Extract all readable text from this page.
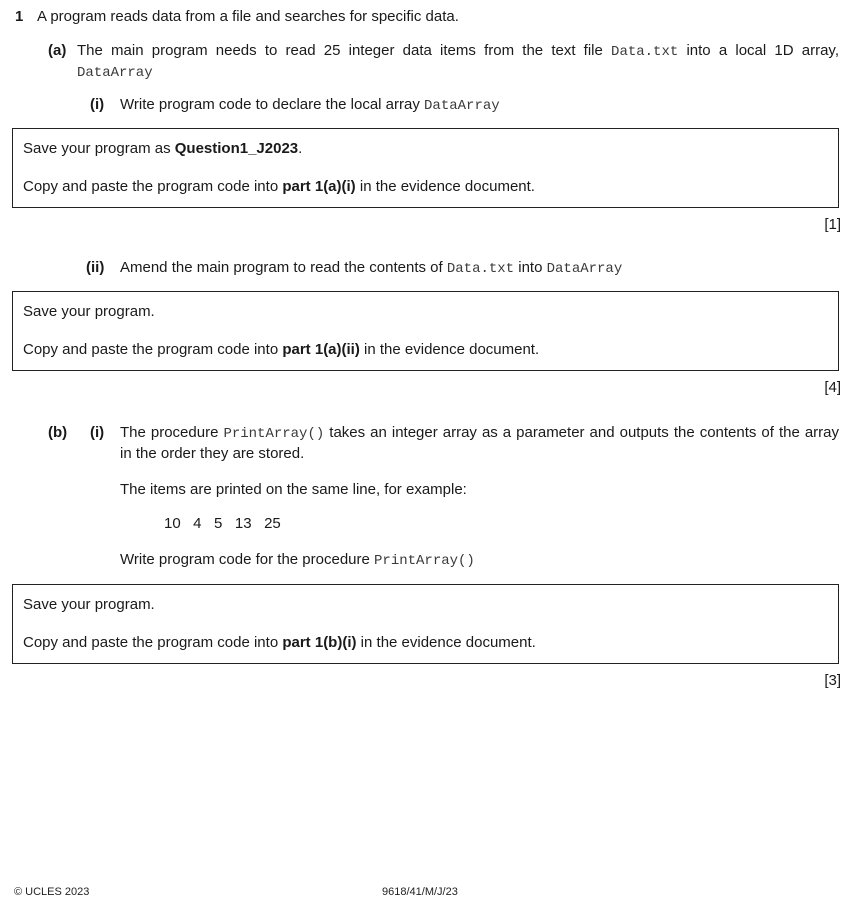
1 A program reads data from a file and searches for specific data.
(a) The main program needs to read 25 integer data items from the text file Data.txt into a local 1D array, DataArray
(i) Write program code to declare the local array DataArray

Save your program as Question1_J2023.

Copy and paste the program code into part 1(a)(i) in the evidence document.

[1]
(ii) Amend the main program to read the contents of Data.txt into DataArray

Save your program.

Copy and paste the program code into part 1(a)(ii) in the evidence document.

[4]
(b) (i) The procedure PrintArray() takes an integer array as a parameter and outputs the contents of the array in the order they are stored.
The items are printed on the same line, for example:
10   4   5   13   25
Write program code for the procedure PrintArray()

Save your program.

Copy and paste the program code into part 1(b)(i) in the evidence document.

[3]
© UCLES 2023	9618/41/M/J/23
